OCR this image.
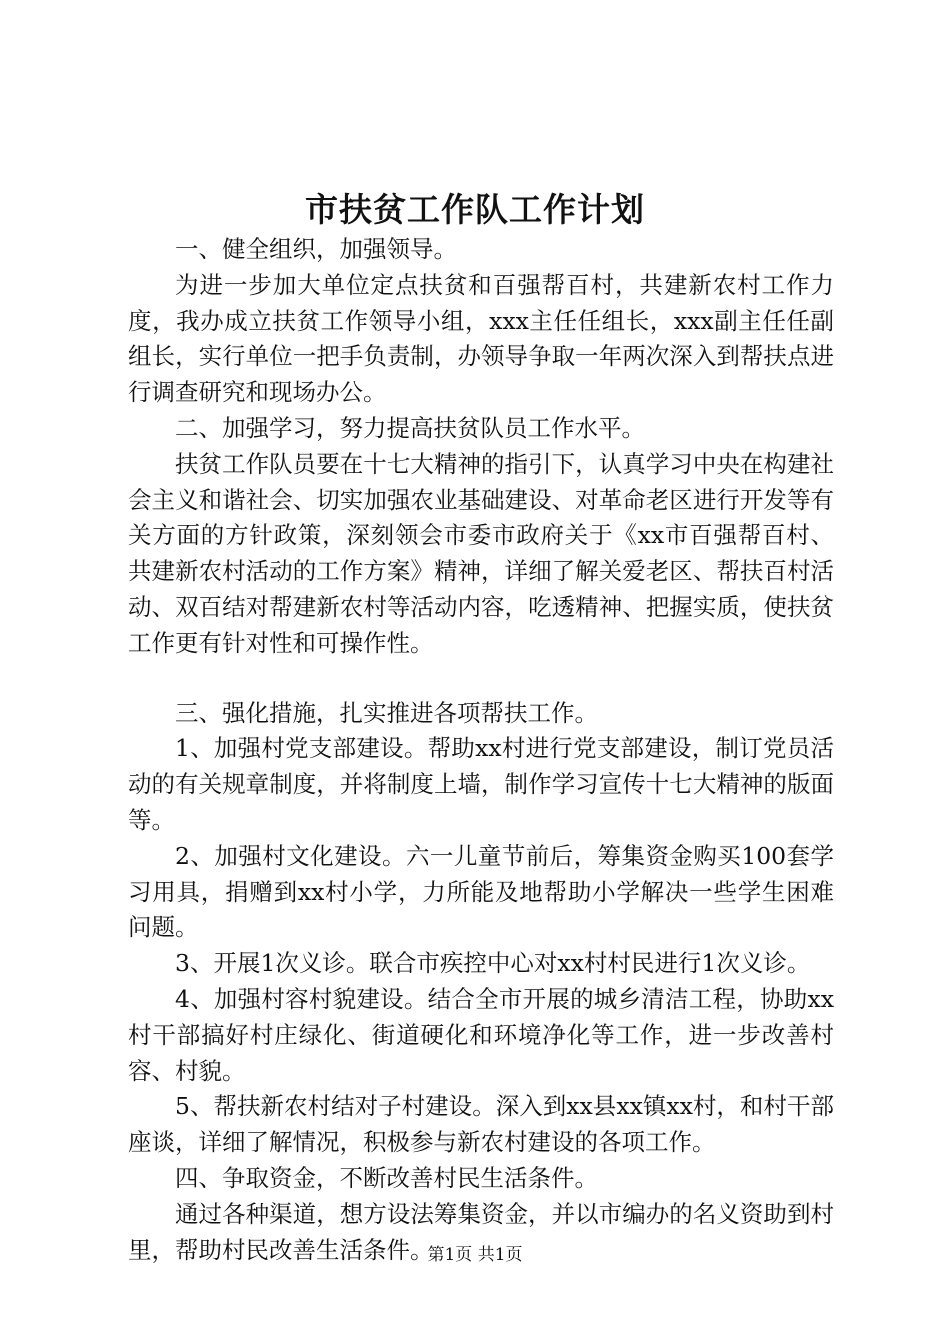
市扶贫工作队工作计划

一、健全组织，加强领导。

为进一步加大单位定点扶贫和百强帮百村，共建新农村工作力度，我办成立扶贫工作领导小组，xxx主任任组长，xxx副主任任副组长，实行单位一把手负责制，办领导争取一年两次深入到帮扶点进行调查研究和现场办公。

二、加强学习，努力提高扶贫队员工作水平。

扶贫工作队员要在十七大精神的指引下，认真学习中央在构建社会主义和谐社会、切实加强农业基础建设、对革命老区进行开发等有关方面的方针政策，深刻领会市委市政府关于《xx市百强帮百村、共建新农村活动的工作方案》精神，详细了解关爱老区、帮扶百村活动、双百结对帮建新农村等活动内容，吃透精神、把握实质，使扶贫工作更有针对性和可操作性。

三、强化措施，扎实推进各项帮扶工作。

1、加强村党支部建设。帮助xx村进行党支部建设，制订党员活动的有关规章制度，并将制度上墙，制作学习宣传十七大精神的版面等。

2、加强村文化建设。六一儿童节前后，筹集资金购买100套学习用具，捐赠到xx村小学，力所能及地帮助小学解决一些学生困难问题。

3、开展1次义诊。联合市疾控中心对xx村村民进行1次义诊。

4、加强村容村貌建设。结合全市开展的城乡清洁工程，协助xx村干部搞好村庄绿化、街道硬化和环境净化等工作，进一步改善村容、村貌。

5、帮扶新农村结对子村建设。深入到xx县xx镇xx村，和村干部座谈，详细了解情况，积极参与新农村建设的各项工作。

四、争取资金，不断改善村民生活条件。

通过各种渠道，想方设法筹集资金，并以市编办的名义资助到村里，帮助村民改善生活条件。

第1页 共1页
